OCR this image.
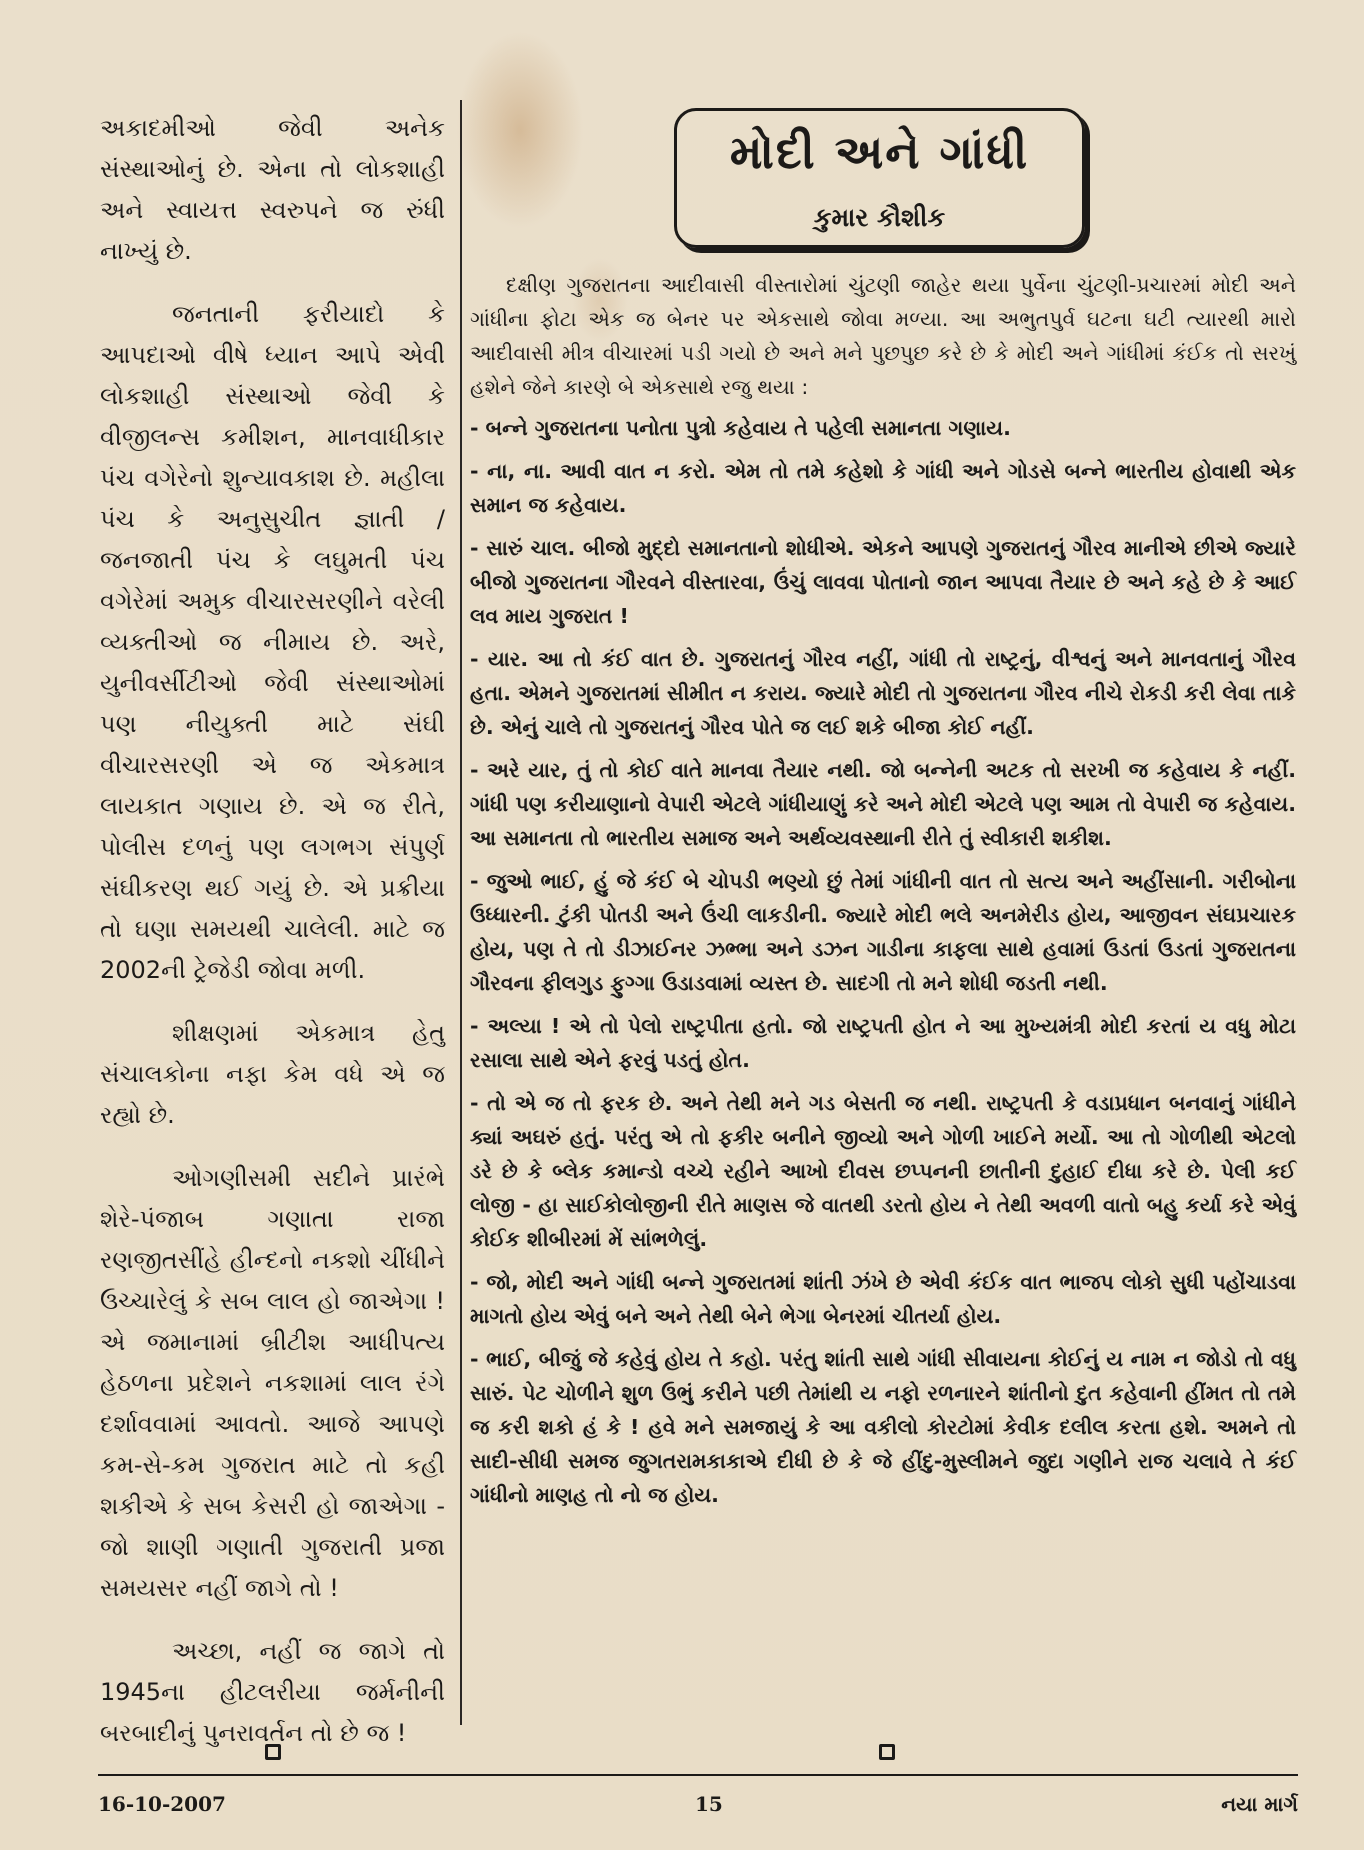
અકાદમીઓ જેવી અનેક સંસ્થાઓનું છે. એના તો લોકશાહી અને સ્વાયત્ત સ્વરુપને જ રુંધી નાખ્યું છે.

જનતાની ફરીયાદો કે આપદાઓ વીષે ધ્યાન આપે એવી લોકશાહી સંસ્થાઓ જેવી કે વીજીલન્સ કમીશન, માનવાધીકાર પંચ વગેરેનો શુન્યાવકાશ છે. મહીલા પંચ કે અનુસુચીત જ્ઞાતી / જનજાતી પંચ કે લઘુમતી પંચ વગેરેમાં અમુક વીચારસરણીને વરેલી વ્યક્તીઓ જ નીમાય છે. અરે, યુનીવર્સીટીઓ જેવી સંસ્થાઓમાં પણ નીયુક્તી માટે સંઘી વીચારસરણી એ જ એકમાત્ર લાયકાત ગણાય છે. એ જ રીતે, પોલીસ દળનું પણ લગભગ સંપુર્ણ સંઘીકરણ થઈ ગયું છે. એ પ્રક્રીયા તો ઘણા સમયથી ચાલેલી. માટે જ 2002ની ટ્રેજેડી જોવા મળી.

શીક્ષણમાં એકમાત્ર હેતુ સંચાલકોના નફા કેમ વધે એ જ રહ્યો છે.

ઓગણીસમી સદીને પ્રારંભે શેરે-પંજાબ ગણાતા રાજા રણજીતસીંહે હીન્દનો નકશો ચીંધીને ઉચ્ચારેલું કે સબ લાલ હો જાએગા ! એ જમાનામાં બ્રીટીશ આધીપત્ય હેઠળના પ્રદેશને નકશામાં લાલ રંગે દર્શાવવામાં આવતો. આજે આપણે કમ-સે-કમ ગુજરાત માટે તો કહી શકીએ કે સબ કેસરી હો જાએગા - જો શાણી ગણાતી ગુજરાતી પ્રજા સમયસર નહીં જાગે તો !

અચ્છા, નહીં જ જાગે તો 1945ના હીટલરીયા જર્મનીની બરબાદીનું પુનરાવર્તન તો છે જ !

મોદી અને ગાંધી
કુમાર કૌશીક

દક્ષીણ ગુજરાતના આદીવાસી વીસ્તારોમાં ચુંટણી જાહેર થયા પુર્વેના ચુંટણી-પ્રચારમાં મોદી અને ગાંધીના ફોટા એક જ બેનર પર એકસાથે જોવા મળ્યા. આ અભુતપુર્વ ઘટના ઘટી ત્યારથી મારો આદીવાસી મીત્ર વીચારમાં પડી ગયો છે અને મને પુછપુછ કરે છે કે મોદી અને ગાંધીમાં કંઈક તો સરખું હશેને જેને કારણે બે એકસાથે રજુ થયા :

- બન્ને ગુજરાતના પનોતા પુત્રો કહેવાય તે પહેલી સમાનતા ગણાય.

- ના, ના. આવી વાત ન કરો. એમ તો તમે કહેશો કે ગાંધી અને ગોડસે બન્ને ભારતીય હોવાથી એક સમાન જ કહેવાય.

- સારું ચાલ. બીજો મુદ્દો સમાનતાનો શોધીએ. એકને આપણે ગુજરાતનું ગૌરવ માનીએ છીએ જ્યારે બીજો ગુજરાતના ગૌરવને વીસ્તારવા, ઉંચું લાવવા પોતાનો જાન આપવા તૈયાર છે અને કહે છે કે આઈ લવ માય ગુજરાત !

- યાર. આ તો કંઈ વાત છે. ગુજરાતનું ગૌરવ નહીં, ગાંધી તો રાષ્ટ્રનું, વીશ્વનું અને માનવતાનું ગૌરવ હતા. એમને ગુજરાતમાં સીમીત ન કરાય. જ્યારે મોદી તો ગુજરાતના ગૌરવ નીચે રોકડી કરી લેવા તાકે છે. એનું ચાલે તો ગુજરાતનું ગૌરવ પોતે જ લઈ શકે બીજા કોઈ નહીં.

- અરે યાર, તું તો કોઈ વાતે માનવા તૈયાર નથી. જો બન્નેની અટક તો સરખી જ કહેવાય કે નહીં. ગાંધી પણ કરીયાણાનો વેપારી એટલે ગાંધીયાણું કરે અને મોદી એટલે પણ આમ તો વેપારી જ કહેવાય. આ સમાનતા તો ભારતીય સમાજ અને અર્થવ્યવસ્થાની રીતે તું સ્વીકારી શકીશ.

- જુઓ ભાઈ, હું જે કંઈ બે ચોપડી ભણ્યો છું તેમાં ગાંધીની વાત તો સત્ય અને અહીંસાની. ગરીબોના ઉધ્ધારની. ટુંકી પોતડી અને ઉંચી લાકડીની. જ્યારે મોદી ભલે અનમેરીડ હોય, આજીવન સંઘપ્રચારક હોય, પણ તે તો ડીઝાઈનર ઝભ્ભા અને ડઝન ગાડીના કાફલા સાથે હવામાં ઉડતાં ઉડતાં ગુજરાતના ગૌરવના ફીલગુડ ફુગ્ગા ઉડાડવામાં વ્યસ્ત છે. સાદગી તો મને શોધી જડતી નથી.

- અલ્યા ! એ તો પેલો રાષ્ટ્રપીતા હતો. જો રાષ્ટ્રપતી હોત ને આ મુખ્યમંત્રી મોદી કરતાં ય વધુ મોટા રસાલા સાથે એને ફરવું પડતું હોત.

- તો એ જ તો ફરક છે. અને તેથી મને ગડ બેસતી જ નથી. રાષ્ટ્રપતી કે વડાપ્રધાન બનવાનું ગાંધીને ક્યાં અઘરું હતું. પરંતુ એ તો ફકીર બનીને જીવ્યો અને ગોળી ખાઈને મર્યો. આ તો ગોળીથી એટલો ડરે છે કે બ્લેક કમાન્ડો વચ્ચે રહીને આખો દીવસ છપ્પનની છાતીની દુહાઈ દીધા કરે છે. પેલી કઈ લોજી - હા સાઈકોલોજીની રીતે માણસ જે વાતથી ડરતો હોય ને તેથી અવળી વાતો બહુ કર્યા કરે એવું કોઈક શીબીરમાં મેં સાંભળેલું.

- જો, મોદી અને ગાંધી બન્ને ગુજરાતમાં શાંતી ઝંખે છે એવી કંઈક વાત ભાજપ લોકો સુધી પહોંચાડવા માગતો હોય એવું બને અને તેથી બેને ભેગા બેનરમાં ચીતર્યા હોય.

- ભાઈ, બીજું જે કહેવું હોય તે કહો. પરંતુ શાંતી સાથે ગાંધી સીવાયના કોઈનું ય નામ ન જોડો તો વધુ સારું. પેટ ચોળીને શુળ ઉભું કરીને પછી તેમાંથી ય નફો રળનારને શાંતીનો દુત કહેવાની હીંમત તો તમે જ કરી શકો હં કે ! હવે મને સમજાયું કે આ વકીલો કોરટોમાં કેવીક દલીલ કરતા હશે. અમને તો સાદી-સીધી સમજ જુગતરામકાકાએ દીધી છે કે જે હીંદુ-મુસ્લીમને જુદા ગણીને રાજ ચલાવે તે કંઈ ગાંધીનો માણહ તો નો જ હોય.

16-10-2007	15	નયા માર્ગ
